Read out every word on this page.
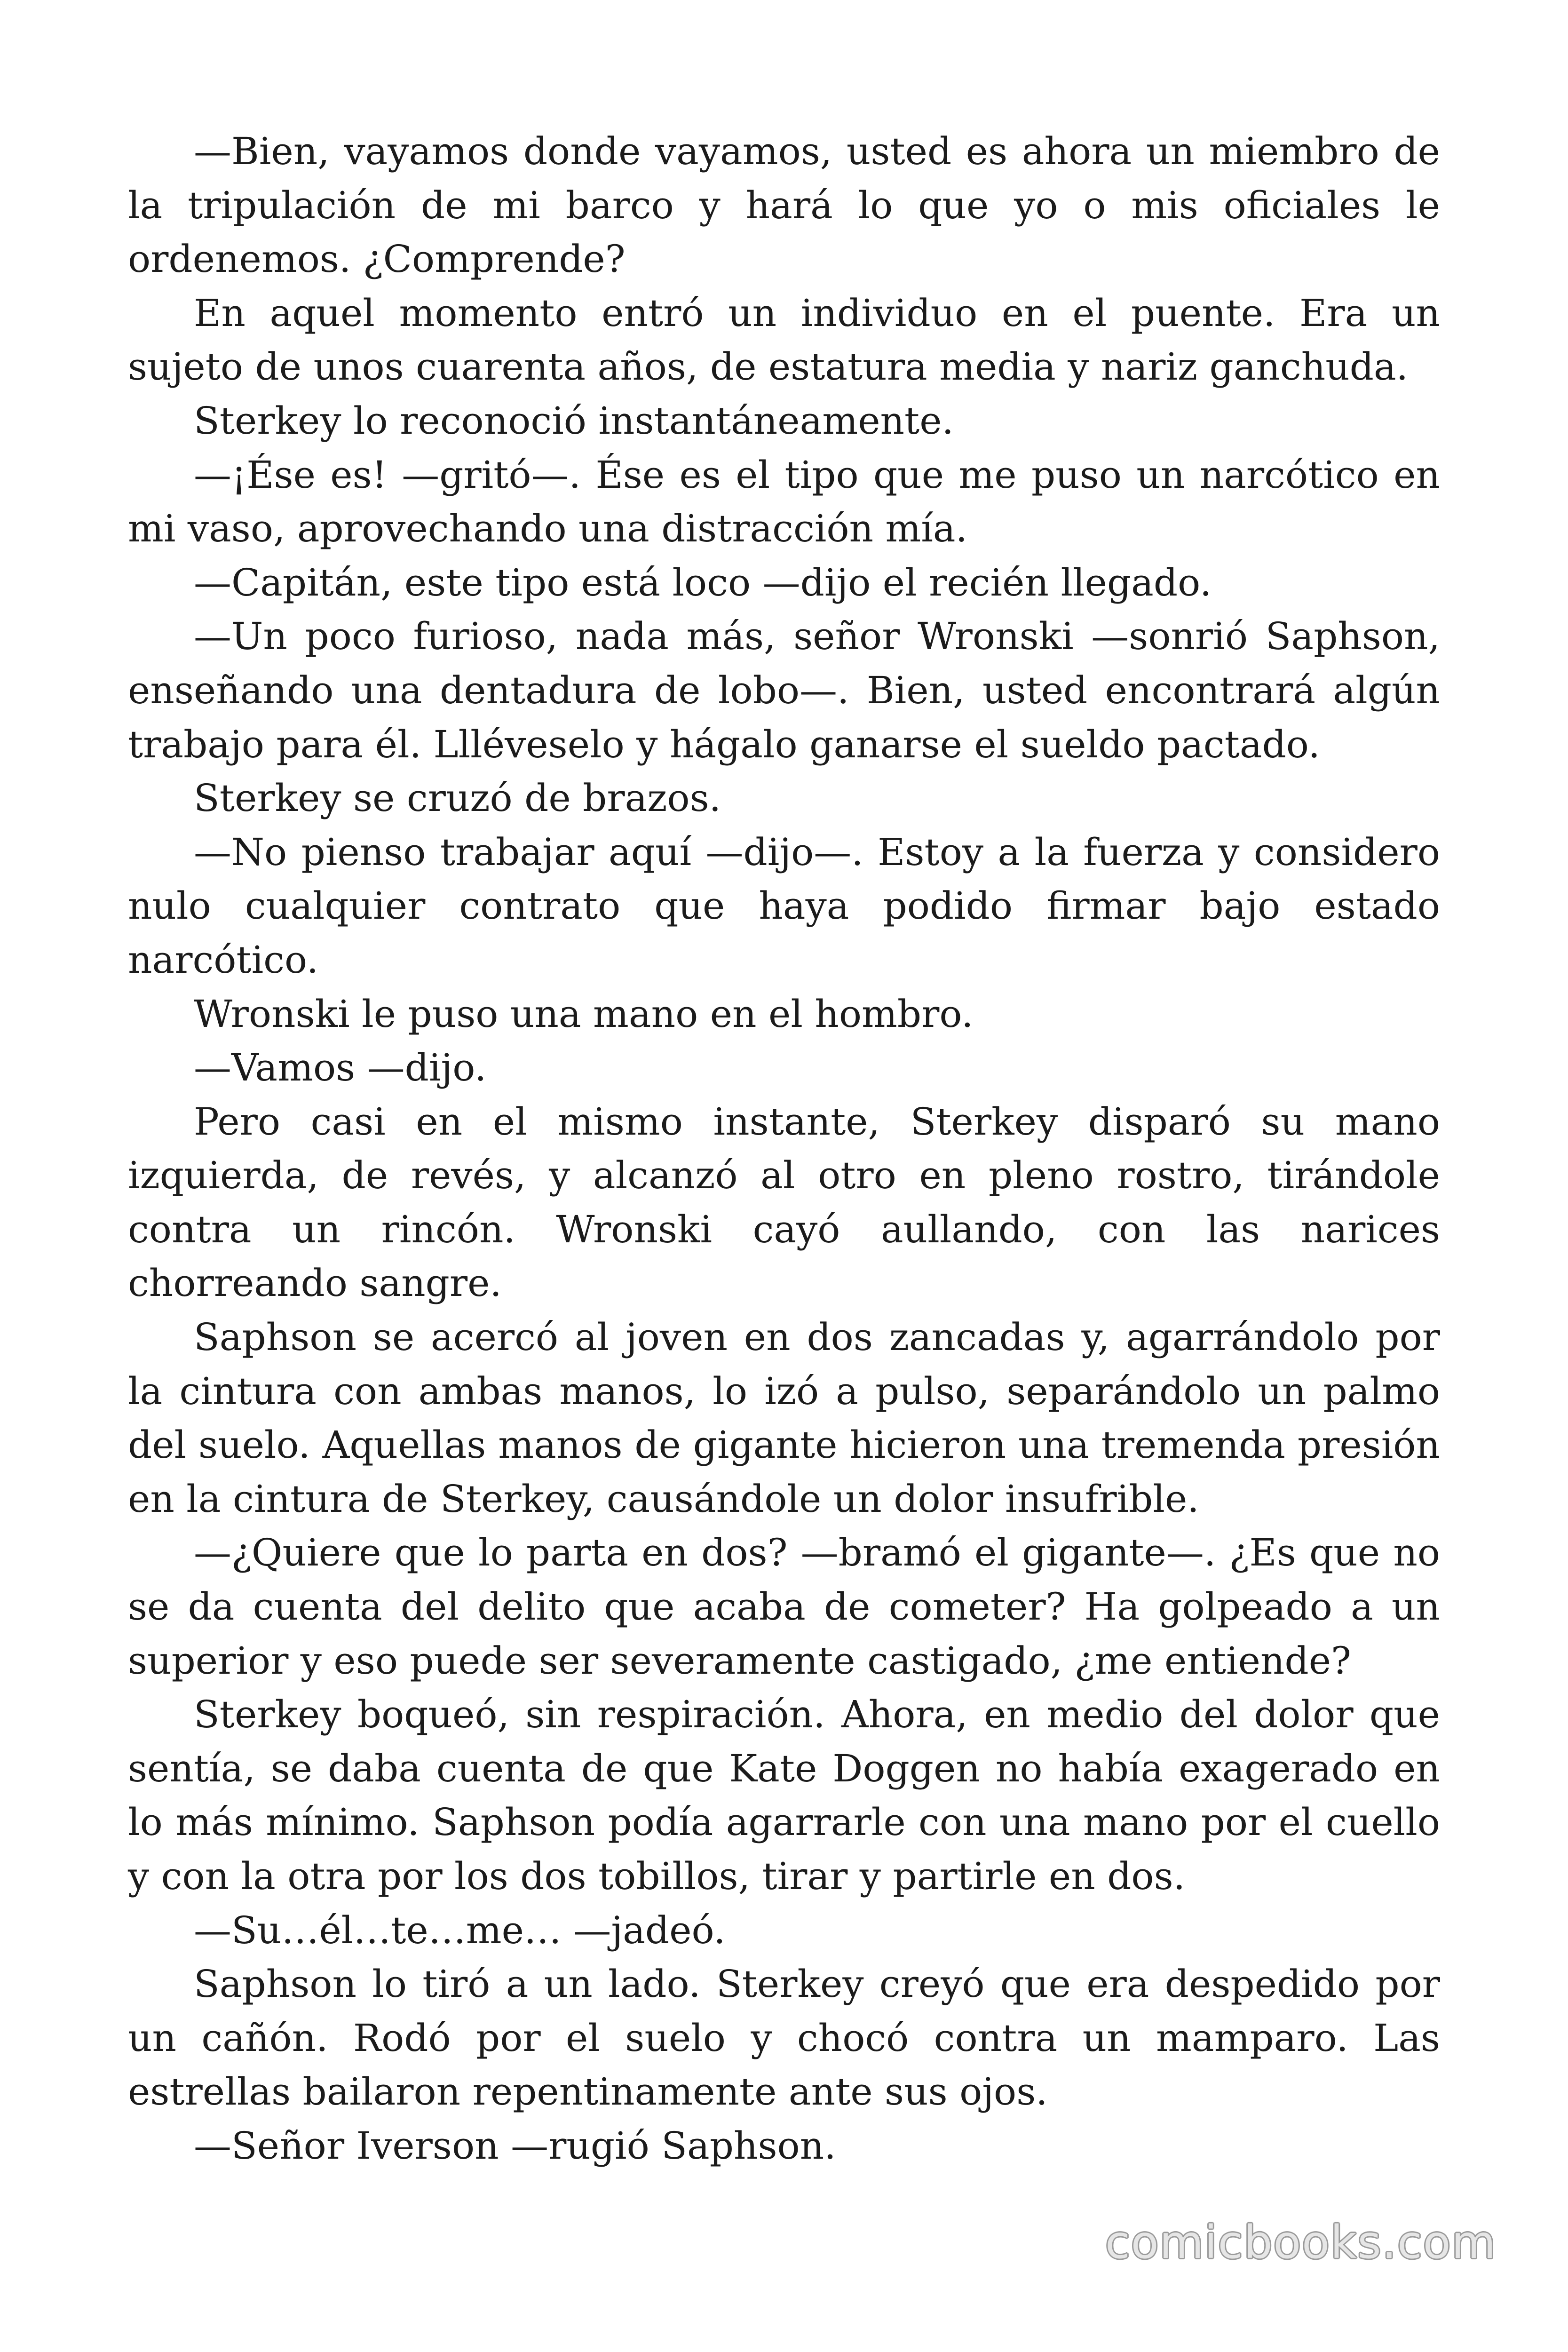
—Bien, vayamos donde vayamos, usted es ahora un miembro de la tripulación de mi barco y hará lo que yo o mis oficiales le ordenemos. ¿Comprende?

En aquel momento entró un individuo en el puente. Era un sujeto de unos cuarenta años, de estatura media y nariz ganchuda.

Sterkey lo reconoció instantáneamente.

—¡Ése es! —gritó—. Ése es el tipo que me puso un narcótico en mi vaso, aprovechando una distracción mía.

—Capitán, este tipo está loco —dijo el recién llegado.

—Un poco furioso, nada más, señor Wronski —sonrió Saphson, enseñando una dentadura de lobo—. Bien, usted encontrará algún trabajo para él. Llléveselo y hágalo ganarse el sueldo pactado.

Sterkey se cruzó de brazos.

—No pienso trabajar aquí —dijo—. Estoy a la fuerza y considero nulo cualquier contrato que haya podido firmar bajo estado narcótico.

Wronski le puso una mano en el hombro.

—Vamos —dijo.

Pero casi en el mismo instante, Sterkey disparó su mano izquierda, de revés, y alcanzó al otro en pleno rostro, tirándole contra un rincón. Wronski cayó aullando, con las narices chorreando sangre.

Saphson se acercó al joven en dos zancadas y, agarrándolo por la cintura con ambas manos, lo izó a pulso, separándolo un palmo del suelo. Aquellas manos de gigante hicieron una tremenda presión en la cintura de Sterkey, causándole un dolor insufrible.

—¿Quiere que lo parta en dos? —bramó el gigante—. ¿Es que no se da cuenta del delito que acaba de cometer? Ha golpeado a un superior y eso puede ser severamente castigado, ¿me entiende?

Sterkey boqueó, sin respiración. Ahora, en medio del dolor que sentía, se daba cuenta de que Kate Doggen no había exagerado en lo más mínimo. Saphson podía agarrarle con una mano por el cuello y con la otra por los dos tobillos, tirar y partirle en dos.

—Su…él…te…me… —jadeó.

Saphson lo tiró a un lado. Sterkey creyó que era despedido por un cañón. Rodó por el suelo y chocó contra un mamparo. Las estrellas bailaron repentinamente ante sus ojos.

—Señor Iverson —rugió Saphson.

comicbooks.com
